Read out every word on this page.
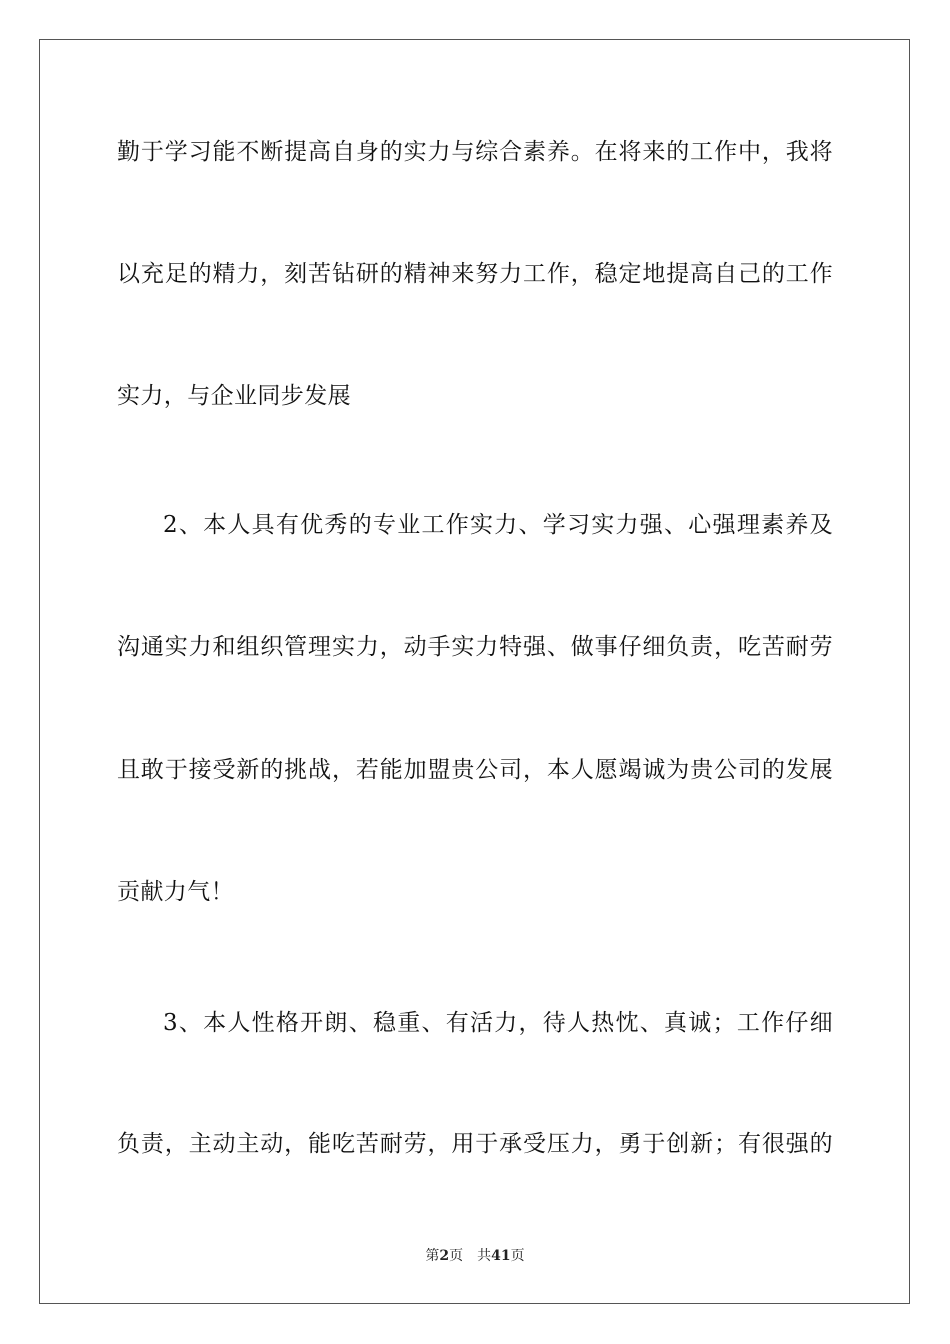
勤于学习能不断提高自身的实力与综合素养。在将来的工作中，我将
以充足的精力，刻苦钻研的精神来努力工作，稳定地提高自己的工作
实力，与企业同步发展
2、本人具有优秀的专业工作实力、学习实力强、心强理素养及
沟通实力和组织管理实力，动手实力特强、做事仔细负责，吃苦耐劳
且敢于接受新的挑战，若能加盟贵公司，本人愿竭诚为贵公司的发展
贡献力气！
3、本人性格开朗、稳重、有活力，待人热忱、真诚；工作仔细
负责，主动主动，能吃苦耐劳，用于承受压力，勇于创新；有很强的
第2页 共41页
